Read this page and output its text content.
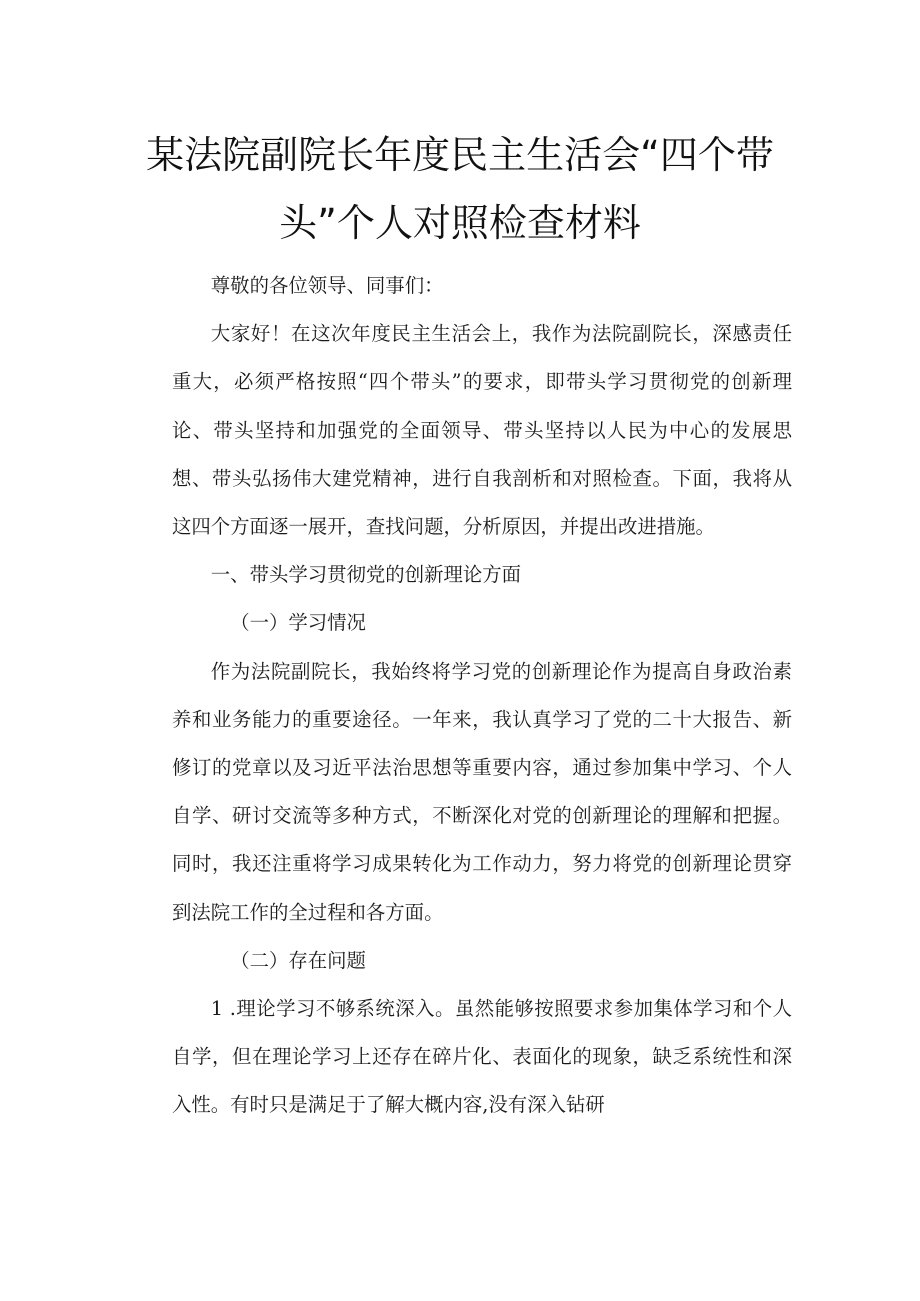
某法院副院长年度民主生活会“四个带
头”个人对照检查材料

尊敬的各位领导、同事们：

大家好！在这次年度民主生活会上，我作为法院副院长，深感责任重大，必须严格按照“四个带头”的要求，即带头学习贯彻党的创新理论、带头坚持和加强党的全面领导、带头坚持以人民为中心的发展思想、带头弘扬伟大建党精神，进行自我剖析和对照检查。下面，我将从这四个方面逐一展开，查找问题，分析原因，并提出改进措施。

一、带头学习贯彻党的创新理论方面

（一）学习情况

作为法院副院长，我始终将学习党的创新理论作为提高自身政治素养和业务能力的重要途径。一年来，我认真学习了党的二十大报告、新修订的党章以及习近平法治思想等重要内容，通过参加集中学习、个人自学、研讨交流等多种方式，不断深化对党的创新理论的理解和把握。同时，我还注重将学习成果转化为工作动力，努力将党的创新理论贯穿到法院工作的全过程和各方面。

（二）存在问题

1 .理论学习不够系统深入。虽然能够按照要求参加集体学习和个人自学，但在理论学习上还存在碎片化、表面化的现象，缺乏系统性和深入性。有时只是满足于了解大概内容,没有深入钻研
